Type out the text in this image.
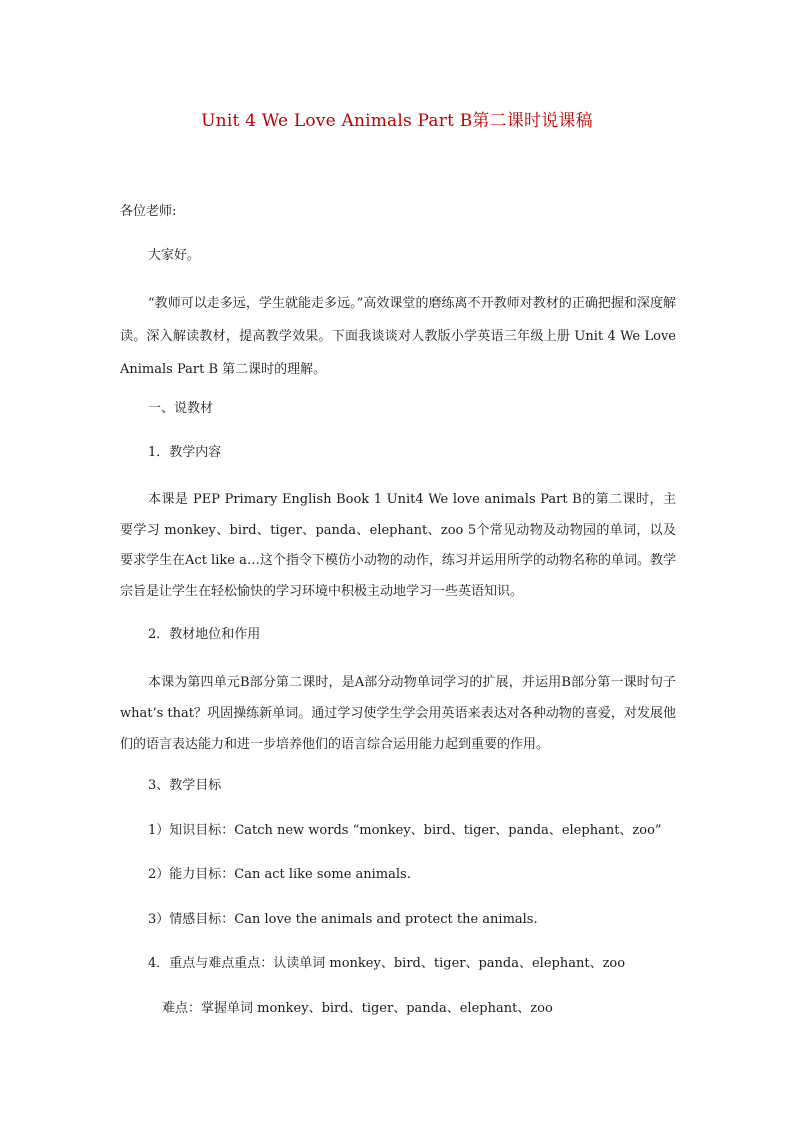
Unit 4 We Love Animals Part B第二课时说课稿
各位老师:
大家好。
“教师可以走多远，学生就能走多远。”高效课堂的磨练离不开教师对教材的正确把握和深度解读。深入解读教材，提高教学效果。下面我谈谈对人教版小学英语三年级上册 Unit 4 We Love Animals Part B 第二课时的理解。
一、说教材
1．教学内容
本课是 PEP Primary English Book 1 Unit4 We love animals Part B的第二课时，主要学习 monkey、bird、tiger、panda、elephant、zoo 5个常见动物及动物园的单词，以及要求学生在Act like a…这个指令下模仿小动物的动作，练习并运用所学的动物名称的单词。教学宗旨是让学生在轻松愉快的学习环境中积极主动地学习一些英语知识。
2．教材地位和作用
本课为第四单元B部分第二课时，是A部分动物单词学习的扩展，并运用B部分第一课时句子 what’s that？巩固操练新单词。通过学习使学生学会用英语来表达对各种动物的喜爱，对发展他们的语言表达能力和进一步培养他们的语言综合运用能力起到重要的作用。
3、教学目标
1）知识目标：Catch new words “monkey、bird、tiger、panda、elephant、zoo”
2）能力目标：Can act like some animals.
3）情感目标：Can love the animals and protect the animals.
4．重点与难点重点：认读单词 monkey、bird、tiger、panda、elephant、zoo
难点：掌握单词 monkey、bird、tiger、panda、elephant、zoo
